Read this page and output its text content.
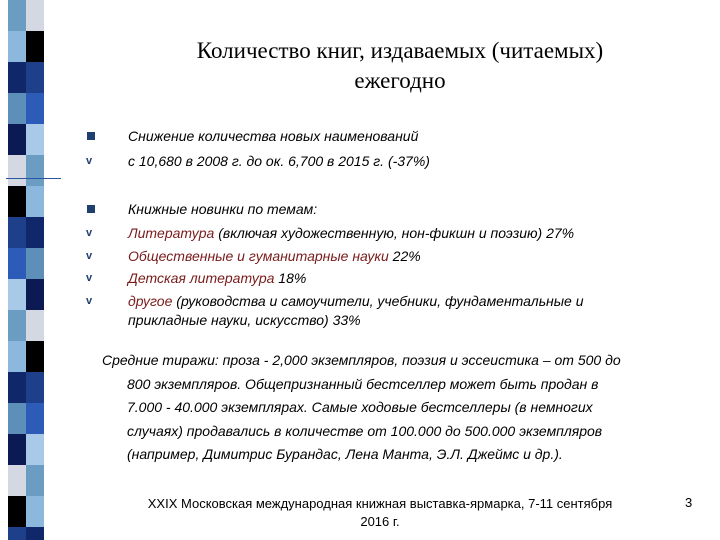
Количество книг, издаваемых (читаемых)
ежегодно
Снижение количества новых наименований
v	с 10,680 в 2008 г. до ок. 6,700 в 2015 г. (-37%)
Книжные новинки по темам:
v	Литература (включая художественную, нон-фикшн и поэзию) 27%
v	Общественные и гуманитарные науки 22%
v	Детская литература 18%
v	другое (руководства и самоучители, учебники, фундаментальные и
прикладные науки, искусство) 33%
Средние тиражи: проза - 2,000 экземпляров, поэзия и эссеистика – от 500 до
800 экземпляров. Общепризнанный бестселлер может быть продан в
7.000 - 40.000 экземплярах. Самые ходовые бестселлеры (в немногих
случаях) продавались в количестве от 100.000 до 500.000 экземпляров
(например, Димитрис Бурандас, Лена Манта, Э.Л. Джеймс и др.).
XXIX Московская международная книжная выставка-ярмарка, 7-11 сентября
2016 г.
3
